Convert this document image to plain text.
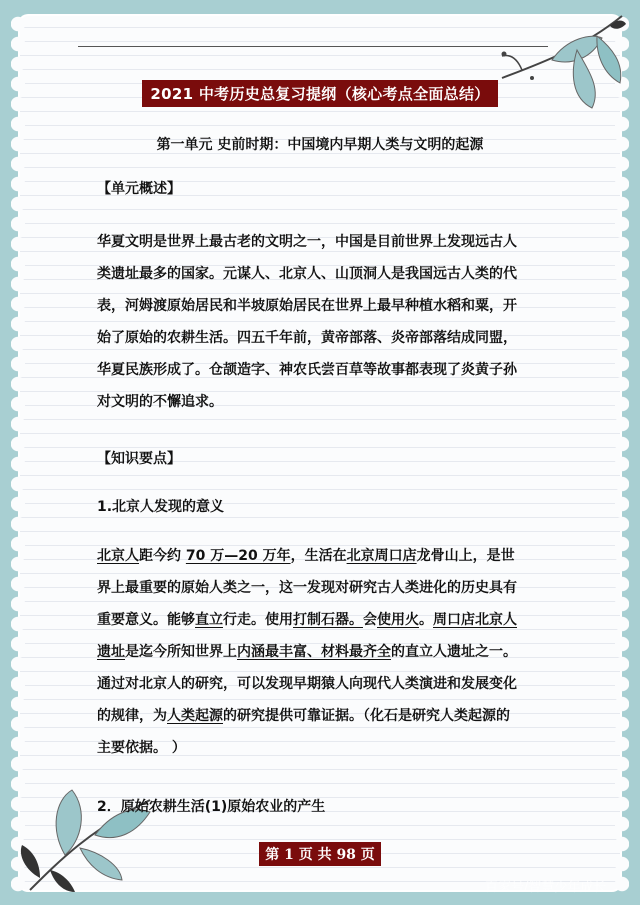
2021 中考历史总复习提纲（核心考点全面总结）
第一单元 史前时期：中国境内早期人类与文明的起源
【单元概述】
华夏文明是世界上最古老的文明之一，中国是目前世界上发现远古人
类遗址最多的国家。元谋人、北京人、山顶洞人是我国远古人类的代
表，河姆渡原始居民和半坡原始居民在世界上最早种植水稻和粟，开
始了原始的农耕生活。四五千年前，黄帝部落、炎帝部落结成同盟，
华夏民族形成了。仓颉造字、神农氏尝百草等故事都表现了炎黄子孙
对文明的不懈追求。
【知识要点】
1.北京人发现的意义
北京人距今约 70 万—20 万年，生活在北京周口店龙骨山上，是世
界上最重要的原始人类之一，这一发现对研究古人类进化的历史具有
重要意义。能够直立行走。使用打制石器。会使用火。周口店北京人
遗址是迄今所知世界上内涵最丰富、材料最齐全的直立人遗址之一。
通过对北京人的研究，可以发现早期猿人向现代人类演进和发展变化
的规律，为人类起源的研究提供可靠证据。（化石是研究人类起源的
主要依据。 ）
2．原始农耕生活(1)原始农业的产生
第 1 页 共 98 页
百家号/智慧少年成长
